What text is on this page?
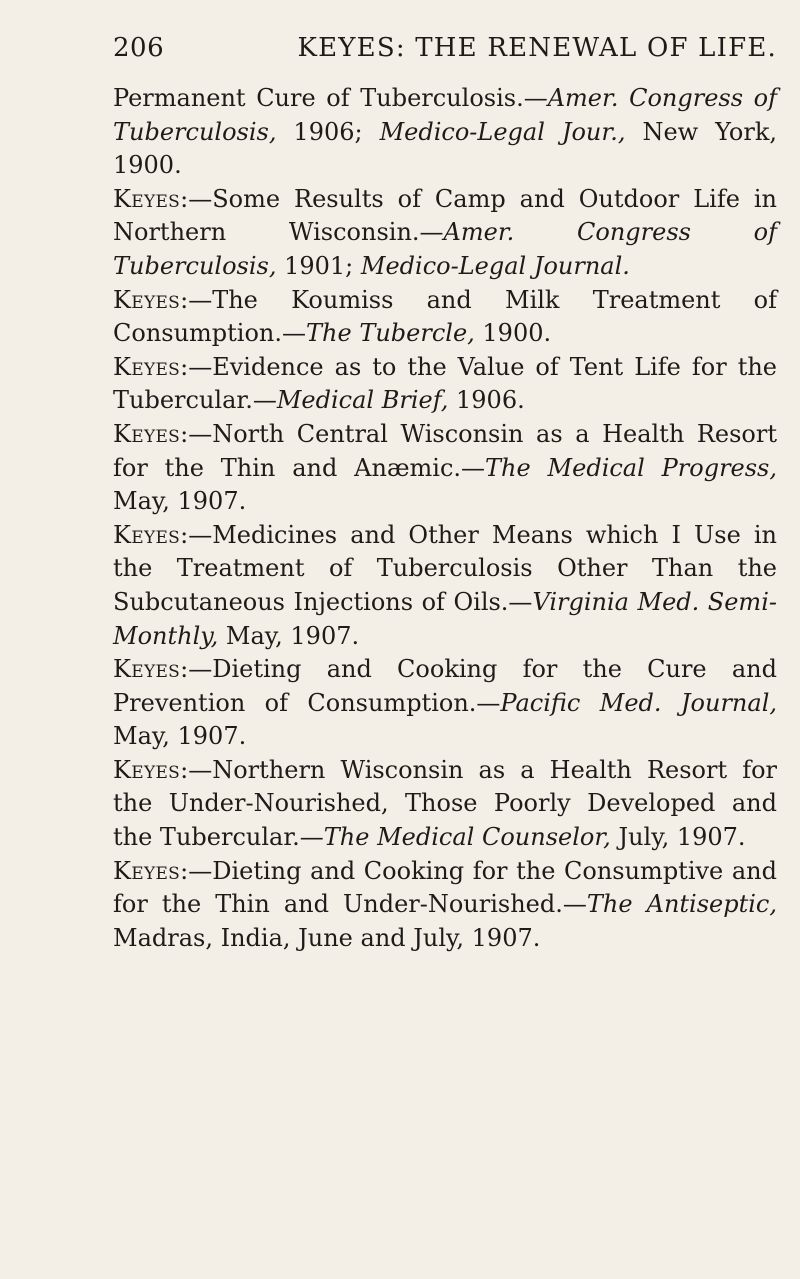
206	KEYES: THE RENEWAL OF LIFE.

Permanent Cure of Tuberculosis.—Amer. Congress of Tuberculosis, 1906; Medico-Legal Jour., New York, 1900.

Keyes:—Some Results of Camp and Outdoor Life in Northern Wisconsin.—Amer. Congress of Tuberculosis, 1901; Medico-Legal Journal.

Keyes:—The Koumiss and Milk Treatment of Consumption.—The Tubercle, 1900.

Keyes:—Evidence as to the Value of Tent Life for the Tubercular.—Medical Brief, 1906.

Keyes:—North Central Wisconsin as a Health Resort for the Thin and Anæmic.—The Medical Progress, May, 1907.

Keyes:—Medicines and Other Means which I Use in the Treatment of Tuberculosis Other Than the Subcutaneous Injections of Oils.—Virginia Med. Semi-Monthly, May, 1907.

Keyes:—Dieting and Cooking for the Cure and Prevention of Consumption.—Pacific Med. Journal, May, 1907.

Keyes:—Northern Wisconsin as a Health Resort for the Under-Nourished, Those Poorly Developed and the Tubercular.—The Medical Counselor, July, 1907.

Keyes:—Dieting and Cooking for the Consumptive and for the Thin and Under-Nourished.—The Antiseptic, Madras, India, June and July, 1907.
